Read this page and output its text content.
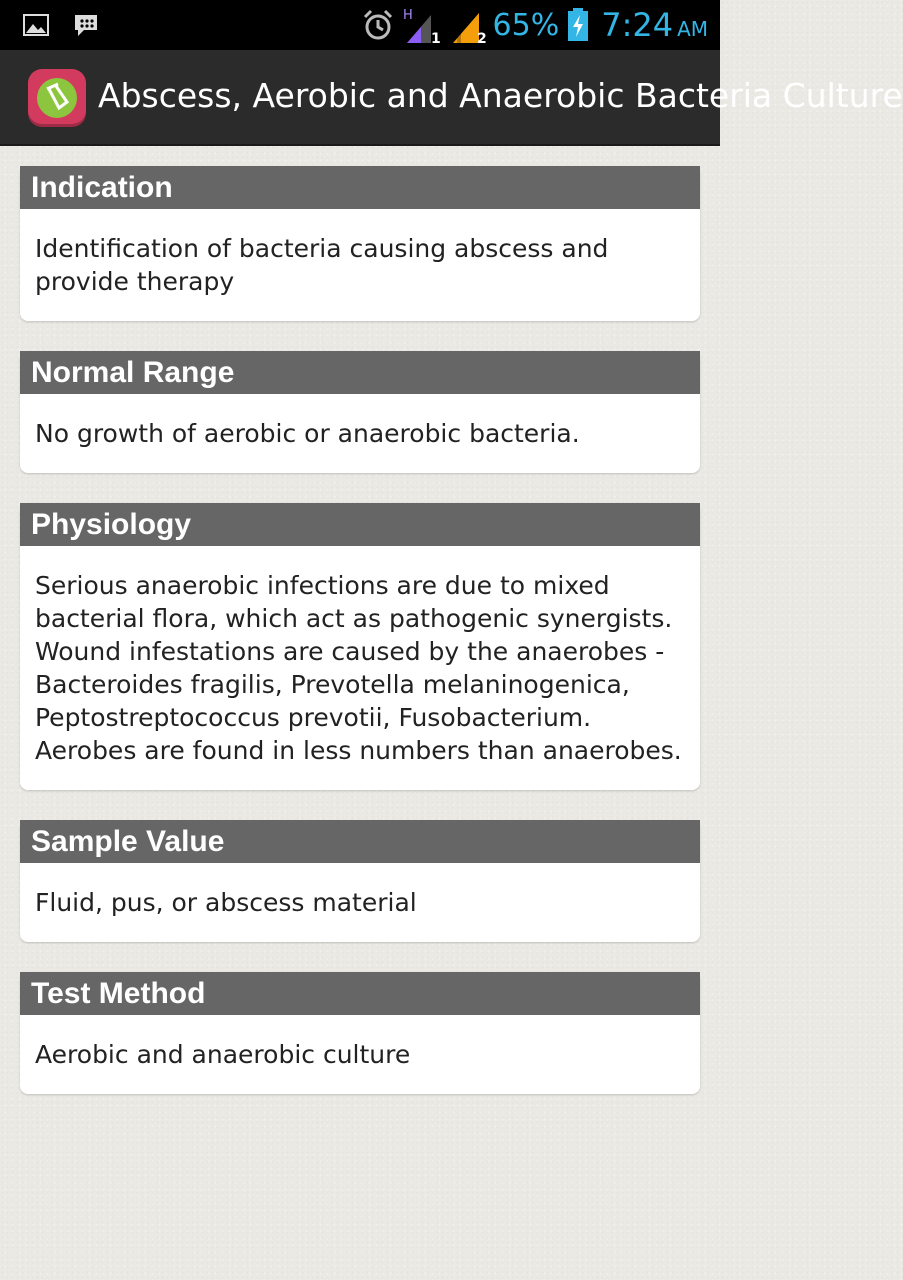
H
1	2 65% 7:24 AM
Abscess, Aerobic and Anaerobic Bacteria Culture
Indication
Identification of bacteria causing abscess and provide therapy
Normal Range
No growth of aerobic or anaerobic bacteria.
Physiology
Serious anaerobic infections are due to mixed bacterial flora, which act as pathogenic synergists. Wound infestations are caused by the anaerobes - Bacteroides fragilis, Prevotella melaninogenica, Peptostreptococcus prevotii, Fusobacterium. Aerobes are found in less numbers than anaerobes.
Sample Value
Fluid, pus, or abscess material
Test Method
Aerobic and anaerobic culture
